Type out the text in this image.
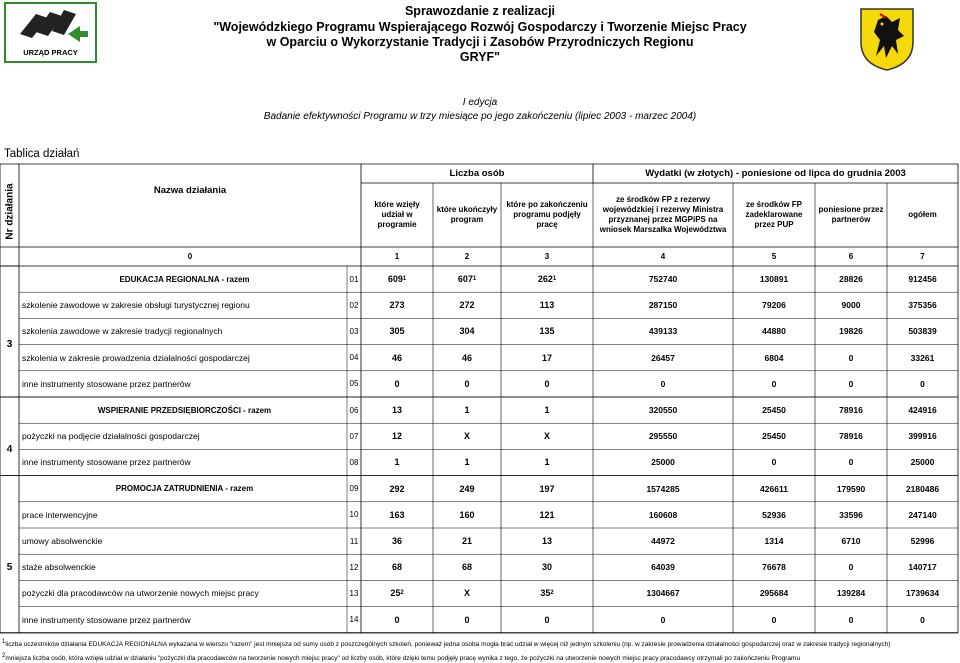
URZĄD PRACY
Sprawozdanie z realizacji
"Wojewódzkiego Programu Wspierającego Rozwój Gospodarczy i Tworzenie Miejsc Pracy
w Oparciu o Wykorzystanie Tradycji i Zasobów Przyrodniczych Regionu
GRYF"
I edycja
Badanie efektywności Programu w trzy miesiące po jego zakończeniu (lipiec 2003 - marzec 2004)
Tablica działań
Liczba osób	Wydatki (w złotych) - poniesione od lipca do grudnia 2003
Nr działania	Nazwa działania
które wzięły udział w programie
które ukończyły program
które po zakończeniu programu podjęły pracę
ze środków FP z rezerwy wojewódzkiej i rezerwy Ministra przyznanej przez MGPiPS na wniosek Marszałka Województwa
ze środków FP zadeklarowane przez PUP
poniesione przez partnerów
ogółem
0	1	2	3	4	5	6	7
3
4
5
EDUKACJA REGIONALNA - razem	01	609 1	607 1	262 1	752740	130891	28826	912456
szkolenie zawodowe w zakresie obsługi turystycznej regionu	02	273	272	113	287150	79206	9000	375356
szkolenia zawodowe w zakresie tradycji regionalnych	03	305	304	135	439133	44880	19826	503839
szkolenia w zakresie prowadzenia działalności gospodarczej	04	46	46	17	26457	6804	0	33261
inne instrumenty stosowane przez partnerów	05	0	0	0	0	0	0	0
WSPIERANIE PRZEDSIĘBIORCZOŚCI - razem	06	13	1	1	320550	25450	78916	424916
pożyczki na podjęcie działalności gospodarczej	07	12	X	X	295550	25450	78916	399916
inne instrumenty stosowane przez partnerów	08	1	1	1	25000	0	0	25000
PROMOCJA ZATRUDNIENIA - razem	09	292	249	197	1574285	426611	179590	2180486
prace interwencyjne	10	163	160	121	160608	52936	33596	247140
umowy absolwenckie	11	36	21	13	44972	1314	6710	52996
staże absolwenckie	12	68	68	30	64039	76678	0	140717
pożyczki dla pracodawców na utworzenie nowych miejsc pracy	13	25 2	X	35 2	1304667	295684	139284	1739634
inne instrumenty stosowane przez partnerów	14	0	0	0	0	0	0	0
$^1$liczba uczestników działania EDUKACJA REGIONALNA wykazana w wierszu "razem" jest mniejsza od sumy osób z poszczególnych szkoleń, ponieważ jedna osoba mogła brać udział w więcej niż jednym szkoleniu (np. w zakresie prowadzenia działalności gospodarczej oraz w zakresie tradycji regionalnych)
$^2$mniejsza liczba osób, która wzięła udział w działaniu "pożyczki dla pracodawców na tworzenie nowych miejsc pracy" od liczby osób, które dzięki temu podjęły pracę wynika z tego, że pożyczki na utworzenie nowych miejsc pracy pracodawcy otrzymali po zakończeniu Programu
